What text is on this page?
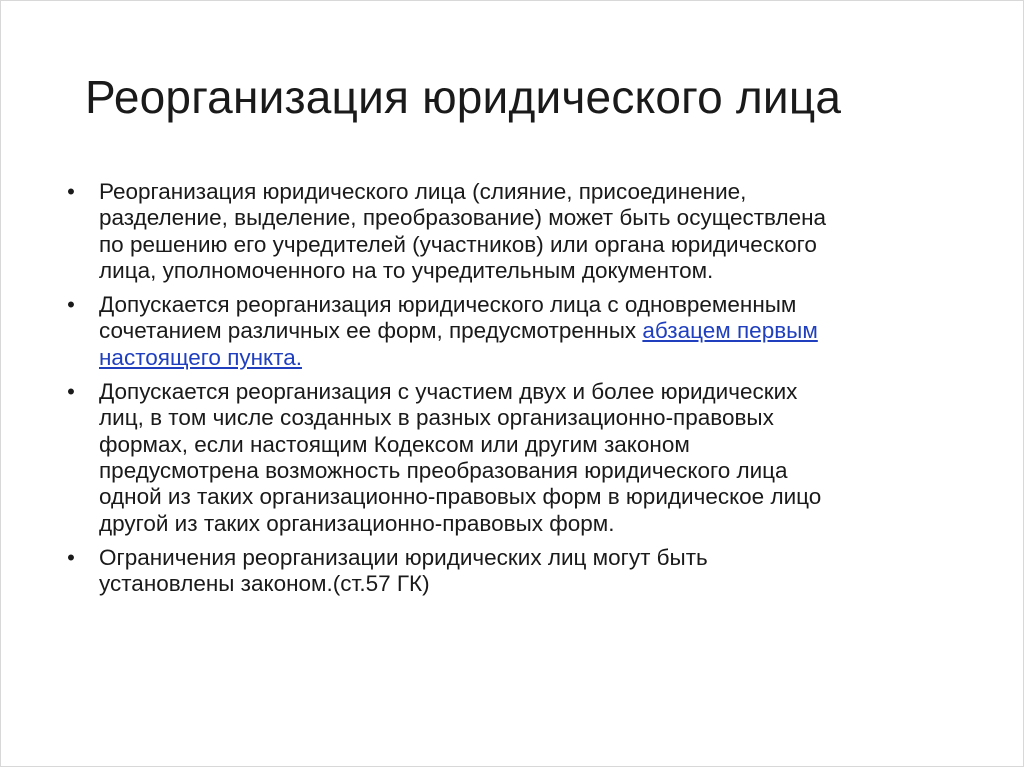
Реорганизация юридического лица
• Реорганизация юридического лица (слияние, присоединение,
разделение, выделение, преобразование) может быть осуществлена
по решению его учредителей (участников) или органа юридического
лица, уполномоченного на то учредительным документом.
• Допускается реорганизация юридического лица с одновременным
сочетанием различных ее форм, предусмотренных абзацем первым
настоящего пункта.
• Допускается реорганизация с участием двух и более юридических
лиц, в том числе созданных в разных организационно-правовых
формах, если настоящим Кодексом или другим законом
предусмотрена возможность преобразования юридического лица
одной из таких организационно-правовых форм в юридическое лицо
другой из таких организационно-правовых форм.
• Ограничения реорганизации юридических лиц могут быть
установлены законом.(ст.57 ГК)
